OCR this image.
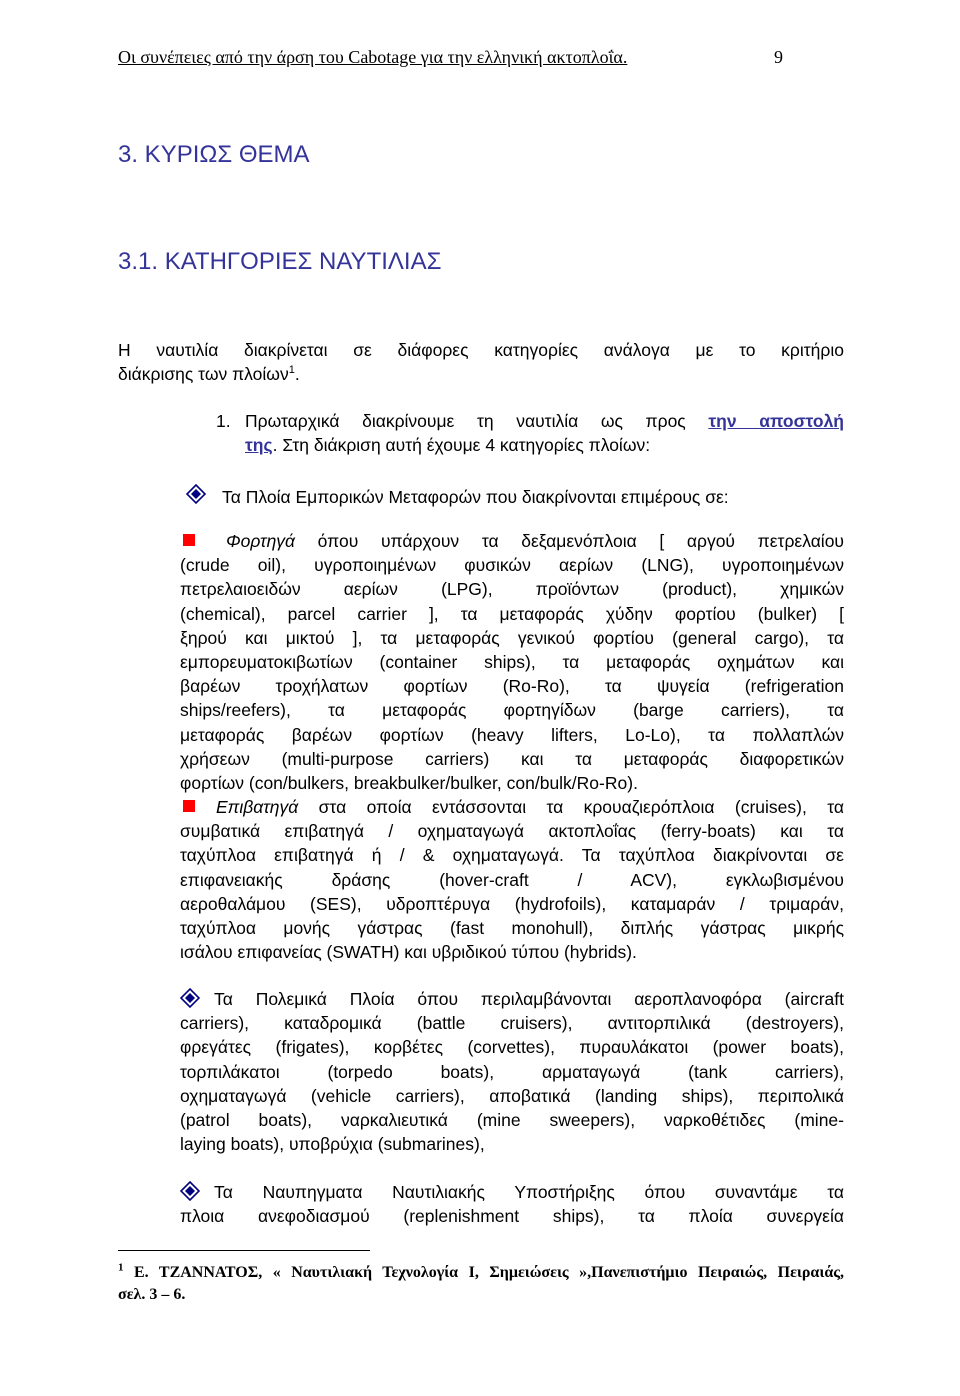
Οι συνέπειες από την άρση του Cabotage για την ελληνική ακτοπλοΐα.	9
3. ΚΥΡΙΩΣ ΘΕΜΑ
3.1. ΚΑΤΗΓΟΡΙΕΣ ΝΑΥΤΙΛΙΑΣ
Η ναυτιλία διακρίνεται σε διάφορες κατηγορίες ανάλογα με το κριτήριο
διάκρισης των πλοίων$^1$.
1. Πρωταρχικά διακρίνουμε τη ναυτιλία ως προς την αποστολή
της. Στη διάκριση αυτή έχουμε 4 κατηγορίες πλοίων:
Τα Πλοία Εμπορικών Μεταφορών που διακρίνονται επιμέρους σε:
Φορτηγά όπου υπάρχουν τα δεξαμενόπλοια [ αργού πετρελαίου
(crude oil), υγροποιημένων φυσικών αερίων (LNG), υγροποιημένων
πετρελαιοειδών αερίων (LPG), προϊόντων (product), χημικών
(chemical), parcel carrier ], τα μεταφοράς χύδην φορτίου (bulker) [
ξηρού και μικτού ], τα μεταφοράς γενικού φορτίου (general cargo), τα
εμπορευματοκιβωτίων (container ships), τα μεταφοράς οχημάτων και
βαρέων τροχήλατων φορτίων (Ro-Ro), τα ψυγεία (refrigeration
ships/reefers), τα μεταφοράς φορτηγίδων (barge carriers), τα
μεταφοράς βαρέων φορτίων (heavy lifters, Lo-Lo), τα πολλαπλών
χρήσεων (multi-purpose carriers) και τα μεταφοράς διαφορετικών
φορτίων (con/bulkers, breakbulker/bulker, con/bulk/Ro-Ro).
Επιβατηγά στα οποία εντάσσονται τα κρουαζιερόπλοια (cruises), τα
συμβατικά επιβατηγά / οχηματαγωγά ακτοπλοΐας (ferry-boats) και τα
ταχύπλοα επιβατηγά ή / & οχηματαγωγά. Τα ταχύπλοα διακρίνονται σε
επιφανειακής δράσης (hover-craft / ACV), εγκλωβισμένου
αεροθαλάμου (SES), υδροπτέρυγα (hydrofoils), καταμαράν / τριμαράν,
ταχύπλοα μονής γάστρας (fast monohull), διπλής γάστρας μικρής
ισάλου επιφανείας (SWATH) και υβριδικού τύπου (hybrids).
Τα Πολεμικά Πλοία όπου περιλαμβάνονται αεροπλανοφόρα (aircraft
carriers), καταδρομικά (battle cruisers), αντιτορπιλικά (destroyers),
φρεγάτες (frigates), κορβέτες (corvettes), πυραυλάκατοι (power boats),
τορπιλάκατοι (torpedo boats), αρματαγωγά (tank carriers),
οχηματαγωγά (vehicle carriers), αποβατικά (landing ships), περιπολικά
(patrol boats), ναρκαλιευτικά (mine sweepers), ναρκοθέτιδες (mine-
laying boats), υποβρύχια (submarines),
Τα Ναυπηγματα Ναυτιλιακής Υποστήριξης όπου συναντάμε τα
πλοια ανεφοδιασμού (replenishment ships), τα πλοία συνεργεία
$^1$ Ε. ΤΖΑΝΝΑΤΟΣ, « Ναυτιλιακή Τεχνολογία Ι, Σημειώσεις »,Πανεπιστήμιο Πειραιώς, Πειραιάς,
σελ. 3 – 6.
